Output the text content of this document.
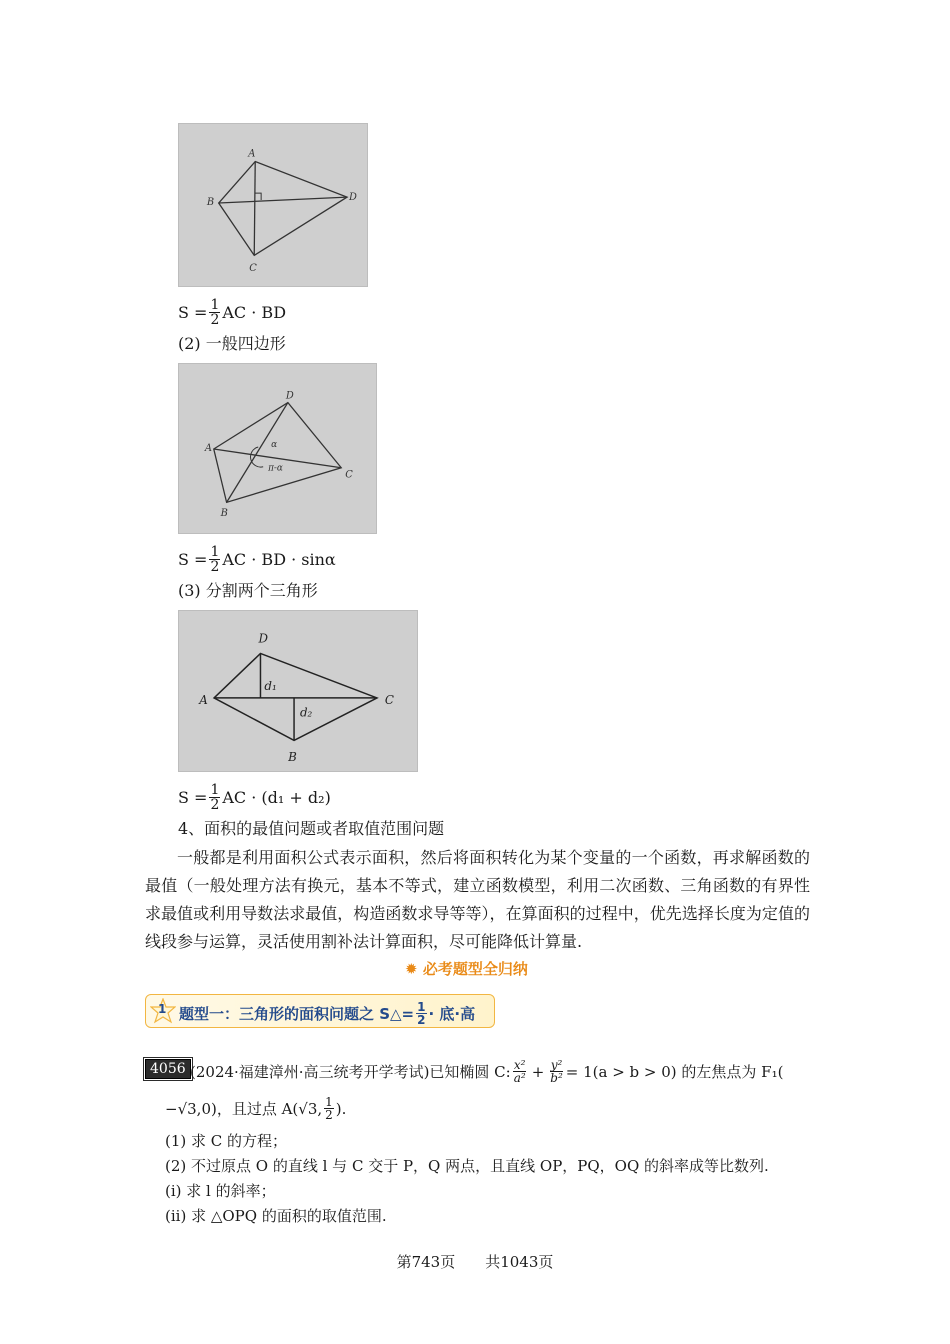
A
B
C
D
$S = \frac{1}{2}$ AC · BD
(2) 一般四边形
A
B
C
D
α
π-α
$S = \frac{1}{2}$ AC · BD · sinα
(3) 分割两个三角形
D
A	C
B
d₁
d₂
$S = \frac{1}{2}$ AC · (d₁ + d₂)
4、面积的最值问题或者取值范围问题
一般都是利用面积公式表示面积，然后将面积转化为某个变量的一个函数，再求解函数的最值（一般处理方法有换元，基本不等式，建立函数模型，利用二次函数、三角函数的有界性求最值或利用导数法求最值，构造函数求导等等），在算面积的过程中，优先选择长度为定值的线段参与运算，灵活使用割补法计算面积，尽可能降低计算量.
✹ 必考题型全归纳
1 题型一：三角形的面积问题之 S△= $\frac{1}{2}$ · 底·高
4056 (2024·福建漳州·高三统考开学考试)已知椭圆 C: $\frac{\text{x²}}{\text{a²}} + \frac{\text{y²}}{\text{b²}} = 1(a > b > 0)$ 的左焦点为 F₁(
−√3,0)，且过点 A(√3, $\frac{1}{2}$ ).
(1) 求 C 的方程；
(2) 不过原点 O 的直线 l 与 C 交于 P，Q 两点，且直线 OP，PQ，OQ 的斜率成等比数列.
(i) 求 l 的斜率；
(ii) 求 △OPQ 的面积的取值范围.
第743页　　共1043页
